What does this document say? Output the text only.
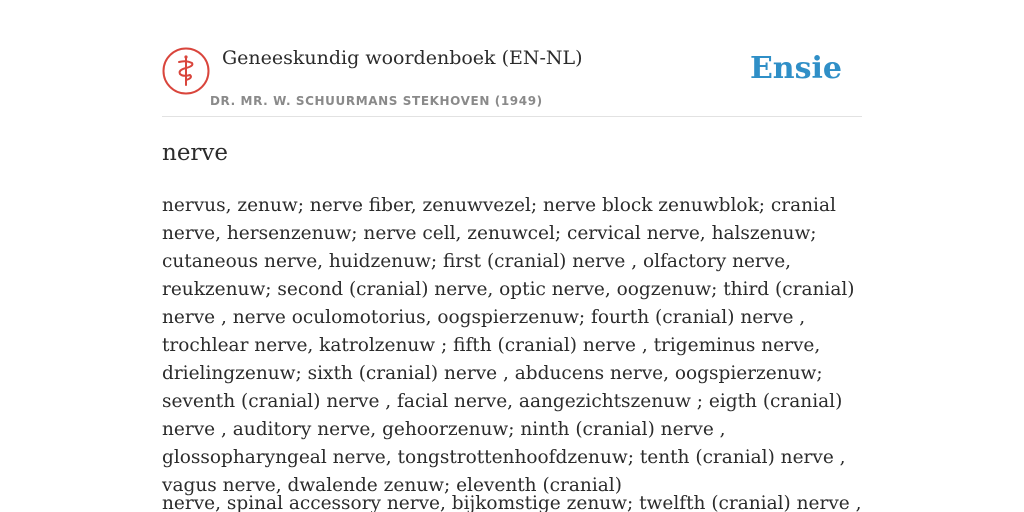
Geneeskundig woordenboek (EN-NL)
DR. MR. W. SCHUURMANS STEKHOVEN (1949)
Ensie
nerve

nervus, zenuw; nerve fiber, zenuwvezel; nerve block zenuwblok; cranial nerve, hersenzenuw; nerve cell, zenuwcel; cervical nerve, halszenuw; cutaneous nerve, huidzenuw; first (cranial) nerve , olfactory nerve, reukzenuw; second (cranial) nerve, optic nerve, oogzenuw; third (cranial) nerve , nerve oculomotorius, oogspierzenuw; fourth (cranial) nerve , trochlear nerve, katrolzenuw ; fifth (cranial) nerve , trigeminus nerve, drielingzenuw; sixth (cranial) nerve , abducens nerve, oogspierzenuw; seventh (cranial) nerve , facial nerve, aangezichtszenuw ; eigth (cranial) nerve , auditory nerve, gehoorzenuw; ninth (cranial) nerve , glossopharyngeal nerve, tongstrottenhoofdzenuw; tenth (cranial) nerve , vagus nerve, dwalende zenuw; eleventh (cranial)

nerve, spinal accessory nerve, bijkomstige zenuw; twelfth (cranial) nerve ,
